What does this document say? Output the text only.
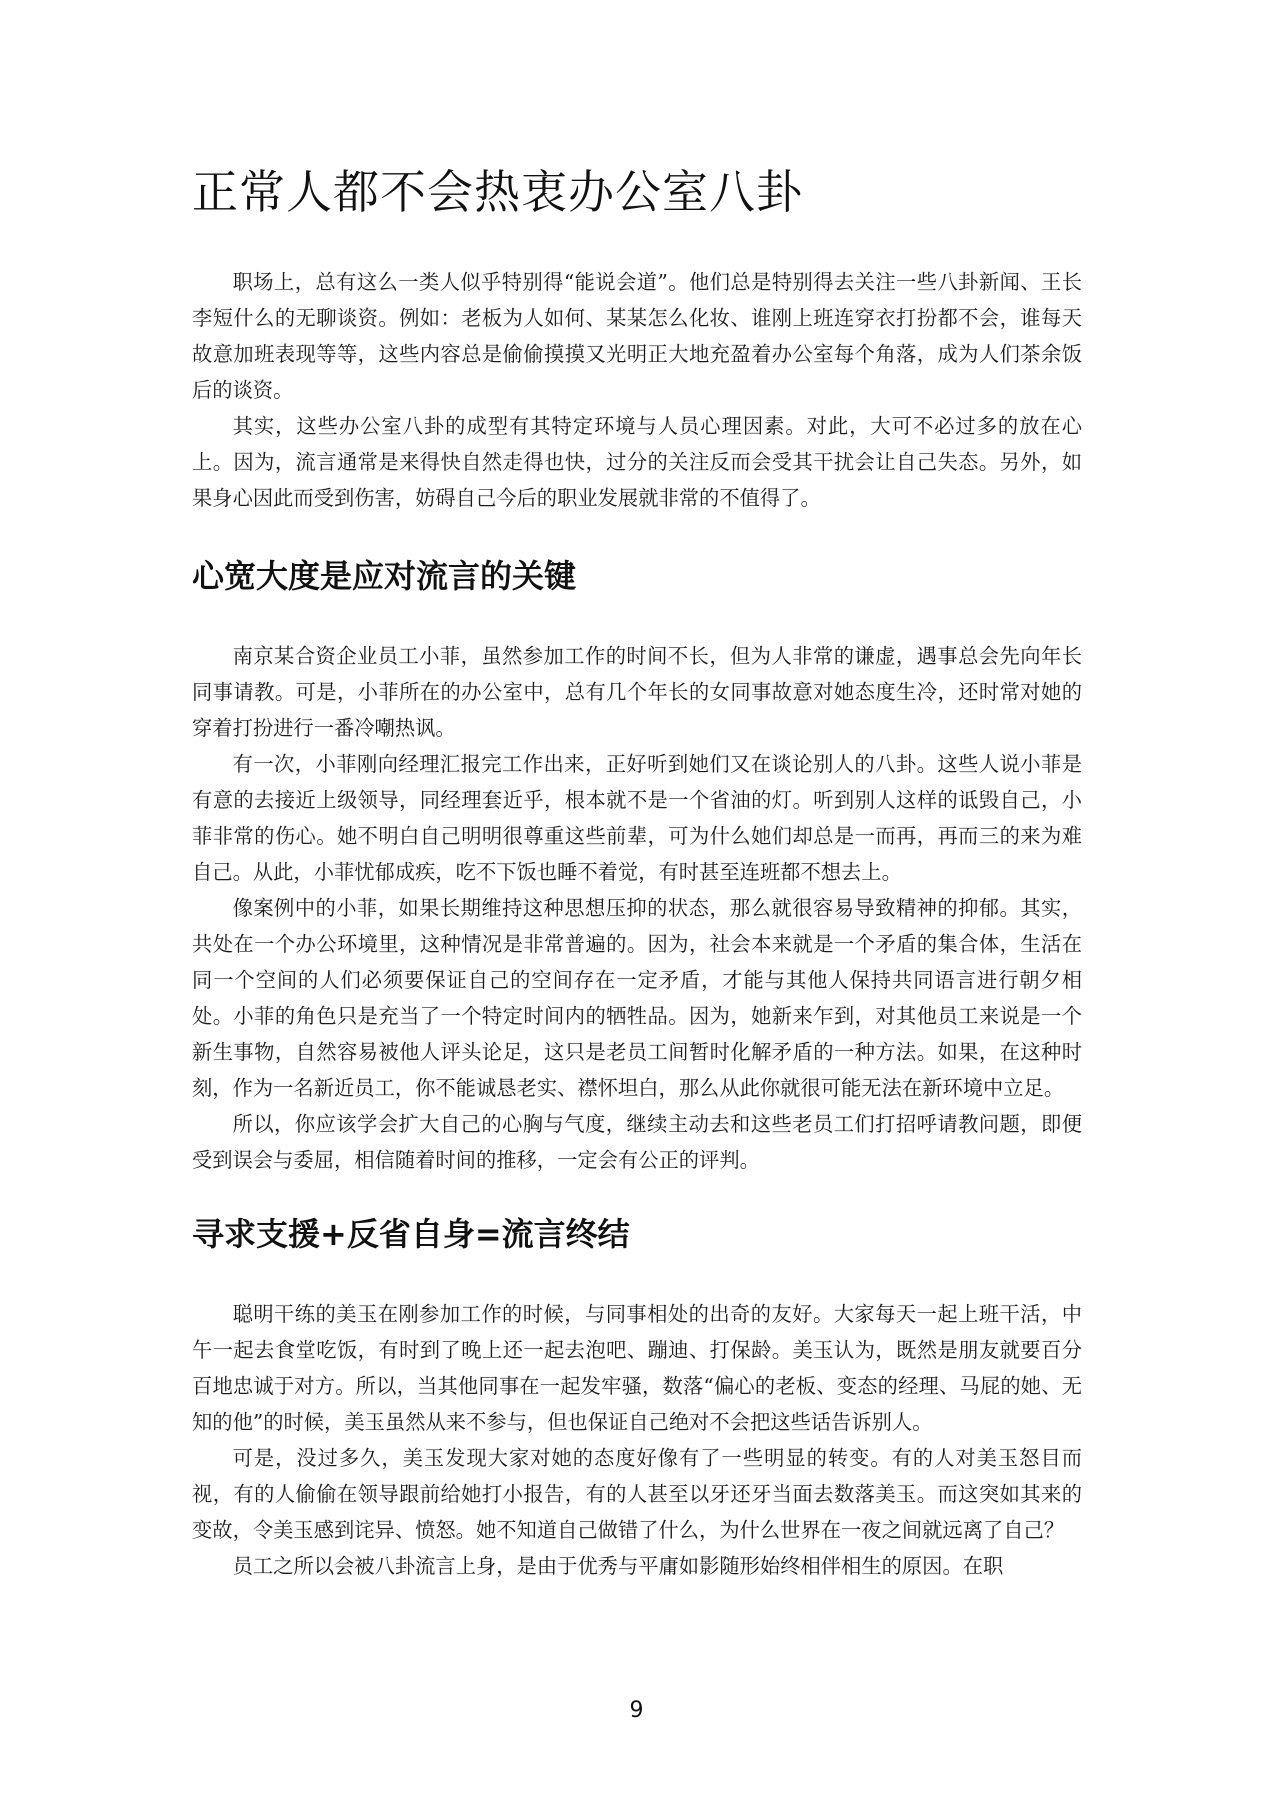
正常人都不会热衷办公室八卦

职场上，总有这么一类人似乎特别得“能说会道”。他们总是特别得去关注一些八卦新闻、王长李短什么的无聊谈资。例如：老板为人如何、某某怎么化妆、谁刚上班连穿衣打扮都不会，谁每天故意加班表现等等，这些内容总是偷偷摸摸又光明正大地充盈着办公室每个角落，成为人们茶余饭后的谈资。

其实，这些办公室八卦的成型有其特定环境与人员心理因素。对此，大可不必过多的放在心上。因为，流言通常是来得快自然走得也快，过分的关注反而会受其干扰会让自己失态。另外，如果身心因此而受到伤害，妨碍自己今后的职业发展就非常的不值得了。

心宽大度是应对流言的关键

南京某合资企业员工小菲，虽然参加工作的时间不长，但为人非常的谦虚，遇事总会先向年长同事请教。可是，小菲所在的办公室中，总有几个年长的女同事故意对她态度生冷，还时常对她的穿着打扮进行一番冷嘲热讽。

有一次，小菲刚向经理汇报完工作出来，正好听到她们又在谈论别人的八卦。这些人说小菲是有意的去接近上级领导，同经理套近乎，根本就不是一个省油的灯。听到别人这样的诋毁自己，小菲非常的伤心。她不明白自己明明很尊重这些前辈，可为什么她们却总是一而再，再而三的来为难自己。从此，小菲忧郁成疾，吃不下饭也睡不着觉，有时甚至连班都不想去上。

像案例中的小菲，如果长期维持这种思想压抑的状态，那么就很容易导致精神的抑郁。其实，共处在一个办公环境里，这种情况是非常普遍的。因为，社会本来就是一个矛盾的集合体，生活在同一个空间的人们必须要保证自己的空间存在一定矛盾，才能与其他人保持共同语言进行朝夕相处。小菲的角色只是充当了一个特定时间内的牺牲品。因为，她新来乍到，对其他员工来说是一个新生事物，自然容易被他人评头论足，这只是老员工间暂时化解矛盾的一种方法。如果，在这种时刻，作为一名新近员工，你不能诚恳老实、襟怀坦白，那么从此你就很可能无法在新环境中立足。

所以，你应该学会扩大自己的心胸与气度，继续主动去和这些老员工们打招呼请教问题，即便受到误会与委屈，相信随着时间的推移，一定会有公正的评判。

寻求支援+反省自身=流言终结

聪明干练的美玉在刚参加工作的时候，与同事相处的出奇的友好。大家每天一起上班干活，中午一起去食堂吃饭，有时到了晚上还一起去泡吧、蹦迪、打保龄。美玉认为，既然是朋友就要百分百地忠诚于对方。所以，当其他同事在一起发牢骚，数落“偏心的老板、变态的经理、马屁的她、无知的他”的时候，美玉虽然从来不参与，但也保证自己绝对不会把这些话告诉别人。

可是，没过多久，美玉发现大家对她的态度好像有了一些明显的转变。有的人对美玉怒目而视，有的人偷偷在领导跟前给她打小报告，有的人甚至以牙还牙当面去数落美玉。而这突如其来的变故，令美玉感到诧异、愤怒。她不知道自己做错了什么，为什么世界在一夜之间就远离了自己？

员工之所以会被八卦流言上身，是由于优秀与平庸如影随形始终相伴相生的原因。在职

9
